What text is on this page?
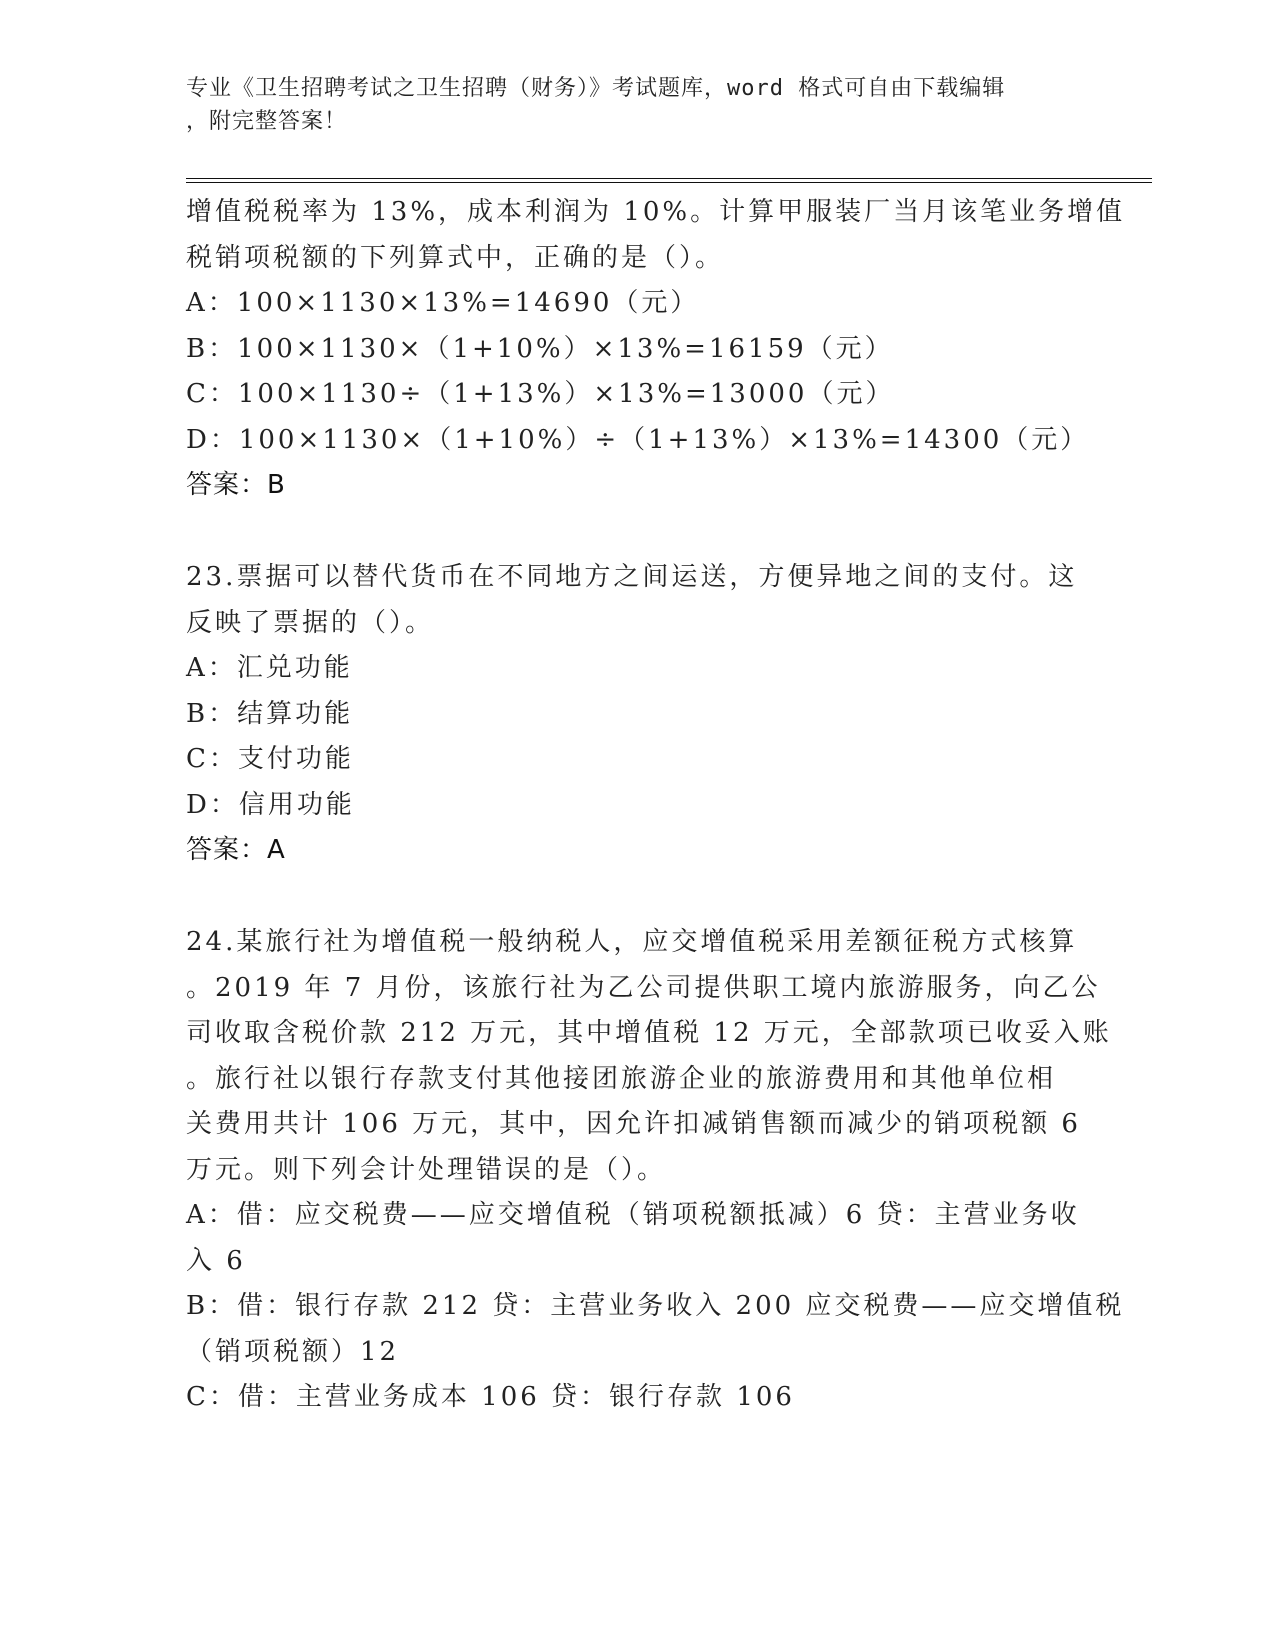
专业《卫生招聘考试之卫生招聘（财务）》考试题库，word 格式可自由下载编辑
，附完整答案！
增值税税率为 13%，成本利润为 10%。计算甲服装厂当月该笔业务增值
税销项税额的下列算式中，正确的是（）。
A：100×1130×13%=14690（元）
B：100×1130×（1+10%）×13%=16159（元）
C：100×1130÷（1+13%）×13%=13000（元）
D：100×1130×（1+10%）÷（1+13%）×13%=14300（元）
答案：B
23.票据可以替代货币在不同地方之间运送，方便异地之间的支付。这
反映了票据的（）。
A：汇兑功能
B：结算功能
C：支付功能
D：信用功能
答案：A
24.某旅行社为增值税一般纳税人，应交增值税采用差额征税方式核算
。2019 年 7 月份，该旅行社为乙公司提供职工境内旅游服务，向乙公
司收取含税价款 212 万元，其中增值税 12 万元，全部款项已收妥入账
。旅行社以银行存款支付其他接团旅游企业的旅游费用和其他单位相
关费用共计 106 万元，其中，因允许扣减销售额而减少的销项税额 6
万元。则下列会计处理错误的是（）。
A：借：应交税费——应交增值税（销项税额抵减）6 贷：主营业务收
入 6
B：借：银行存款 212 贷：主营业务收入 200 应交税费——应交增值税
（销项税额）12
C：借：主营业务成本 106 贷：银行存款 106
